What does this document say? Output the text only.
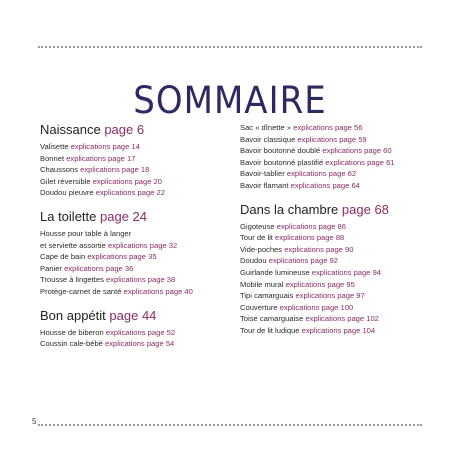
SOMMAIRE
Naissance page 6
Valisette explications page 14
Bonnet explications page 17
Chaussons explications page 18
Gilet réversible explications page 20
Doudou pieuvre explications page 22
La toilette page 24
Housse pour table à langer
et serviette assortie explications page 32
Cape de bain explications page 35
Panier explications page 36
Trousse à lingettes explications page 38
Protège-carnet de santé explications page 40
Bon appétit page 44
Housse de biberon explications page 52
Coussin cale-bébé explications page 54
Sac « dînette » explications page 56
Bavoir classique explications page 59
Bavoir boutonné doublé explications page 60
Bavoir boutonné plastifié explications page 61
Bavoir-tablier explications page 62
Bavoir flamant explications page 64
Dans la chambre page 68
Gigoteuse explications page 86
Tour de lit explications page 88
Vide-poches explications page 90
Doudou explications page 92
Guirlande lumineuse explications page 94
Mobile mural explications page 95
Tipi camarguais explications page 97
Couverture explications page 100
Toise camarguaise explications page 102
Tour de lit ludique explications page 104
5
